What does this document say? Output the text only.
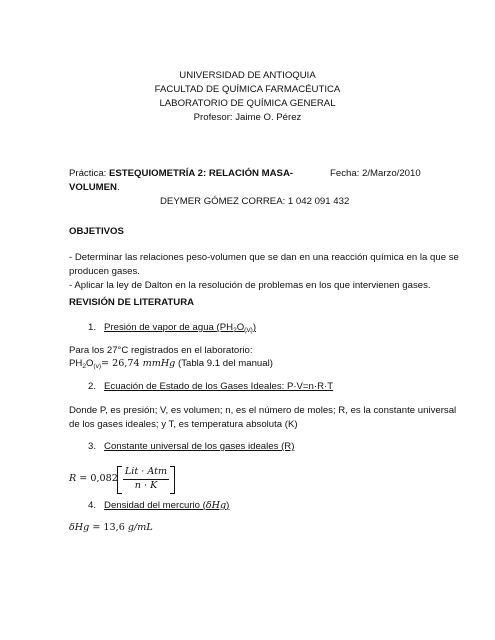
UNIVERSIDAD DE ANTIOQUIA
FACULTAD DE QUÍMICA FARMACÉUTICA
LABORATORIO DE QUÍMICA GENERAL
Profesor: Jaime O. Pérez
Práctica: ESTEQUIOMETRÍA 2: RELACIÓN MASA-	Fecha: 2/Marzo/2010
VOLUMEN.
DEYMER GÓMEZ CORREA: 1 042 091 432
OBJETIVOS
- Determinar las relaciones peso-volumen que se dan en una reacción química en la que se
producen gases.
- Aplicar la ley de Dalton en la resolución de problemas en los que intervienen gases.
REVISIÓN DE LITERATURA
1. Presión de vapor de agua $(PH_2O_{(V)})$
Para los 27°C registrados en el laboratorio:
$PH_2O_{(v)}= 26,74$ mmHg (Tabla 9.1 del manual)
2. Ecuación de Estado de los Gases Ideales: P·V=n·R·T
Donde P, es presión; V, es volumen; n, es el número de moles; R, es la constante universal
de los gases ideales; y T, es temperatura absoluta (K)
3. Constante universal de los gases ideales (R)
R = 0,082
Lit · Atm
n · K
4. Densidad del mercurio (δHg)
δHg = 13,6 g/mL
